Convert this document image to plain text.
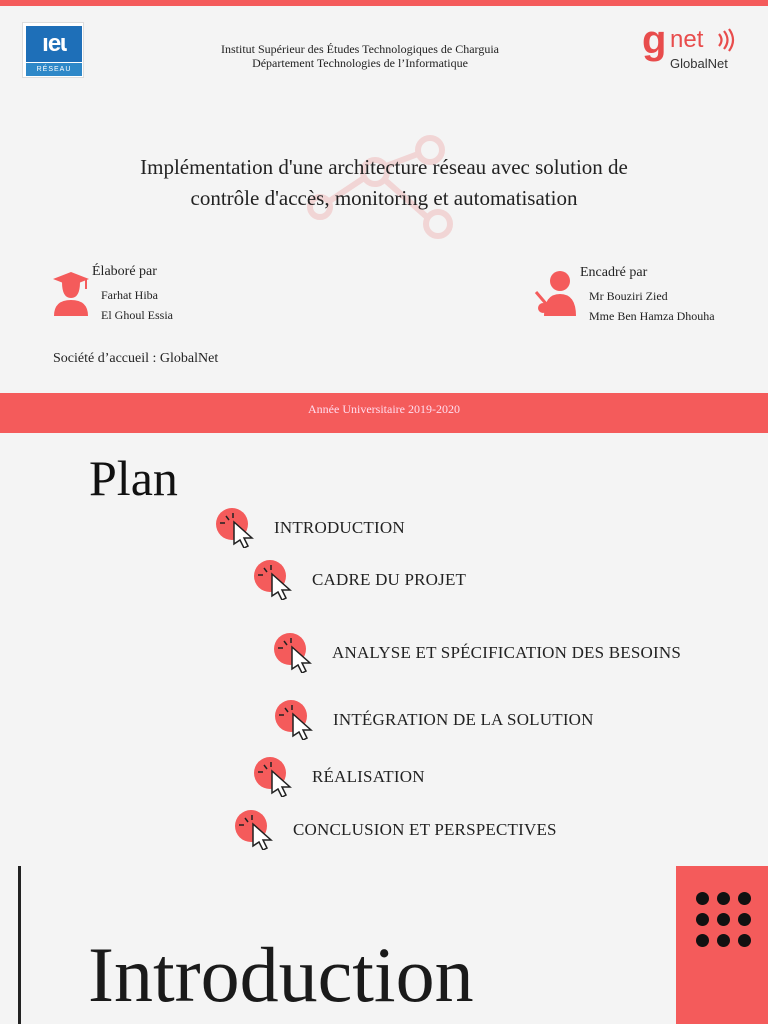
ıeɩ
RÉSEAU
Institut Supérieur des Études Technologiques de Charguia
Département Technologies de l’Informatique
g net
GlobalNet
Implémentation d'une architecture réseau avec solution de
contrôle d'accès, monitoring et automatisation
Élaboré par
Farhat Hiba
El Ghoul Essia
Encadré par
Mr Bouziri Zied
Mme Ben Hamza Dhouha
Société d’accueil : GlobalNet
Année Universitaire 2019-2020
Plan
INTRODUCTION
CADRE DU PROJET
ANALYSE ET SPÉCIFICATION DES BESOINS
INTÉGRATION DE LA SOLUTION
RÉALISATION
CONCLUSION ET PERSPECTIVES
Introduction
